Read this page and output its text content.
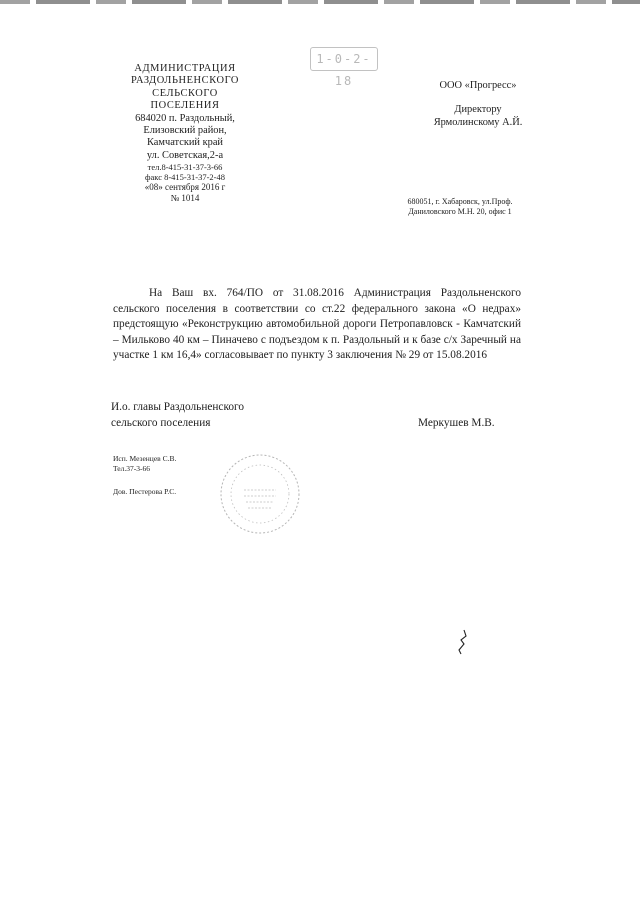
1-0-2-18
АДМИНИСТРАЦИЯ
РАЗДОЛЬНЕНСКОГО
СЕЛЬСКОГО
ПОСЕЛЕНИЯ
684020 п. Раздольный,
Елизовский район,
Камчатский край
ул. Советская,2-а
тел.8-415-31-37-3-66
факс 8-415-31-37-2-48
«08» сентября 2016 г
№ 1014
ООО «Прогресс»
Директору
Ярмолинскому А.Й.
680051, г. Хабаровск, ул.Проф.
Даниловского М.Н. 20, офис 1
На Ваш вх. 764/ПО от 31.08.2016 Администрация Раздольненского сельского поселения в соответствии со ст.22 федерального закона «О недрах» предстоящую «Реконструкцию автомобильной дороги Петропавловск - Камчатский – Мильково 40 км – Пиначево с подъездом к п. Раздольный и к базе с/х Заречный на участке 1 км 16,4» согласовывает по пункту 3 заключения № 29 от 15.08.2016
И.о. главы Раздольненского
сельского поселения	Меркушев М.В.
Исп. Мезенцев С.В.
Тел.37-3-66
Дов. Пестерова Р.С.
